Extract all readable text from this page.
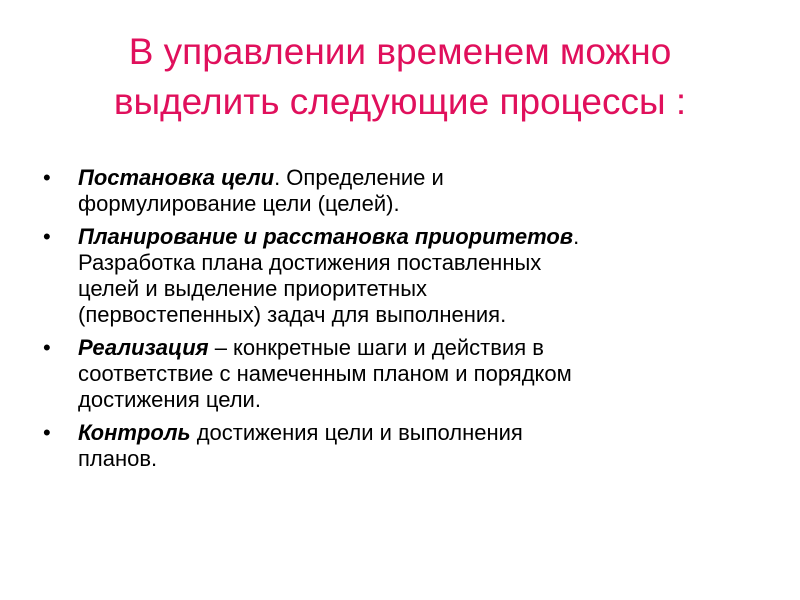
В управлении временем можно
выделить следующие процессы :
• Постановка цели. Определение и
формулирование цели (целей).
• Планирование и расстановка приоритетов.
Разработка плана достижения поставленных
целей и выделение приоритетных
(первостепенных) задач для выполнения.
• Реализация – конкретные шаги и действия в
соответствие с намеченным планом и порядком
достижения цели.
• Контроль достижения цели и выполнения
планов.
